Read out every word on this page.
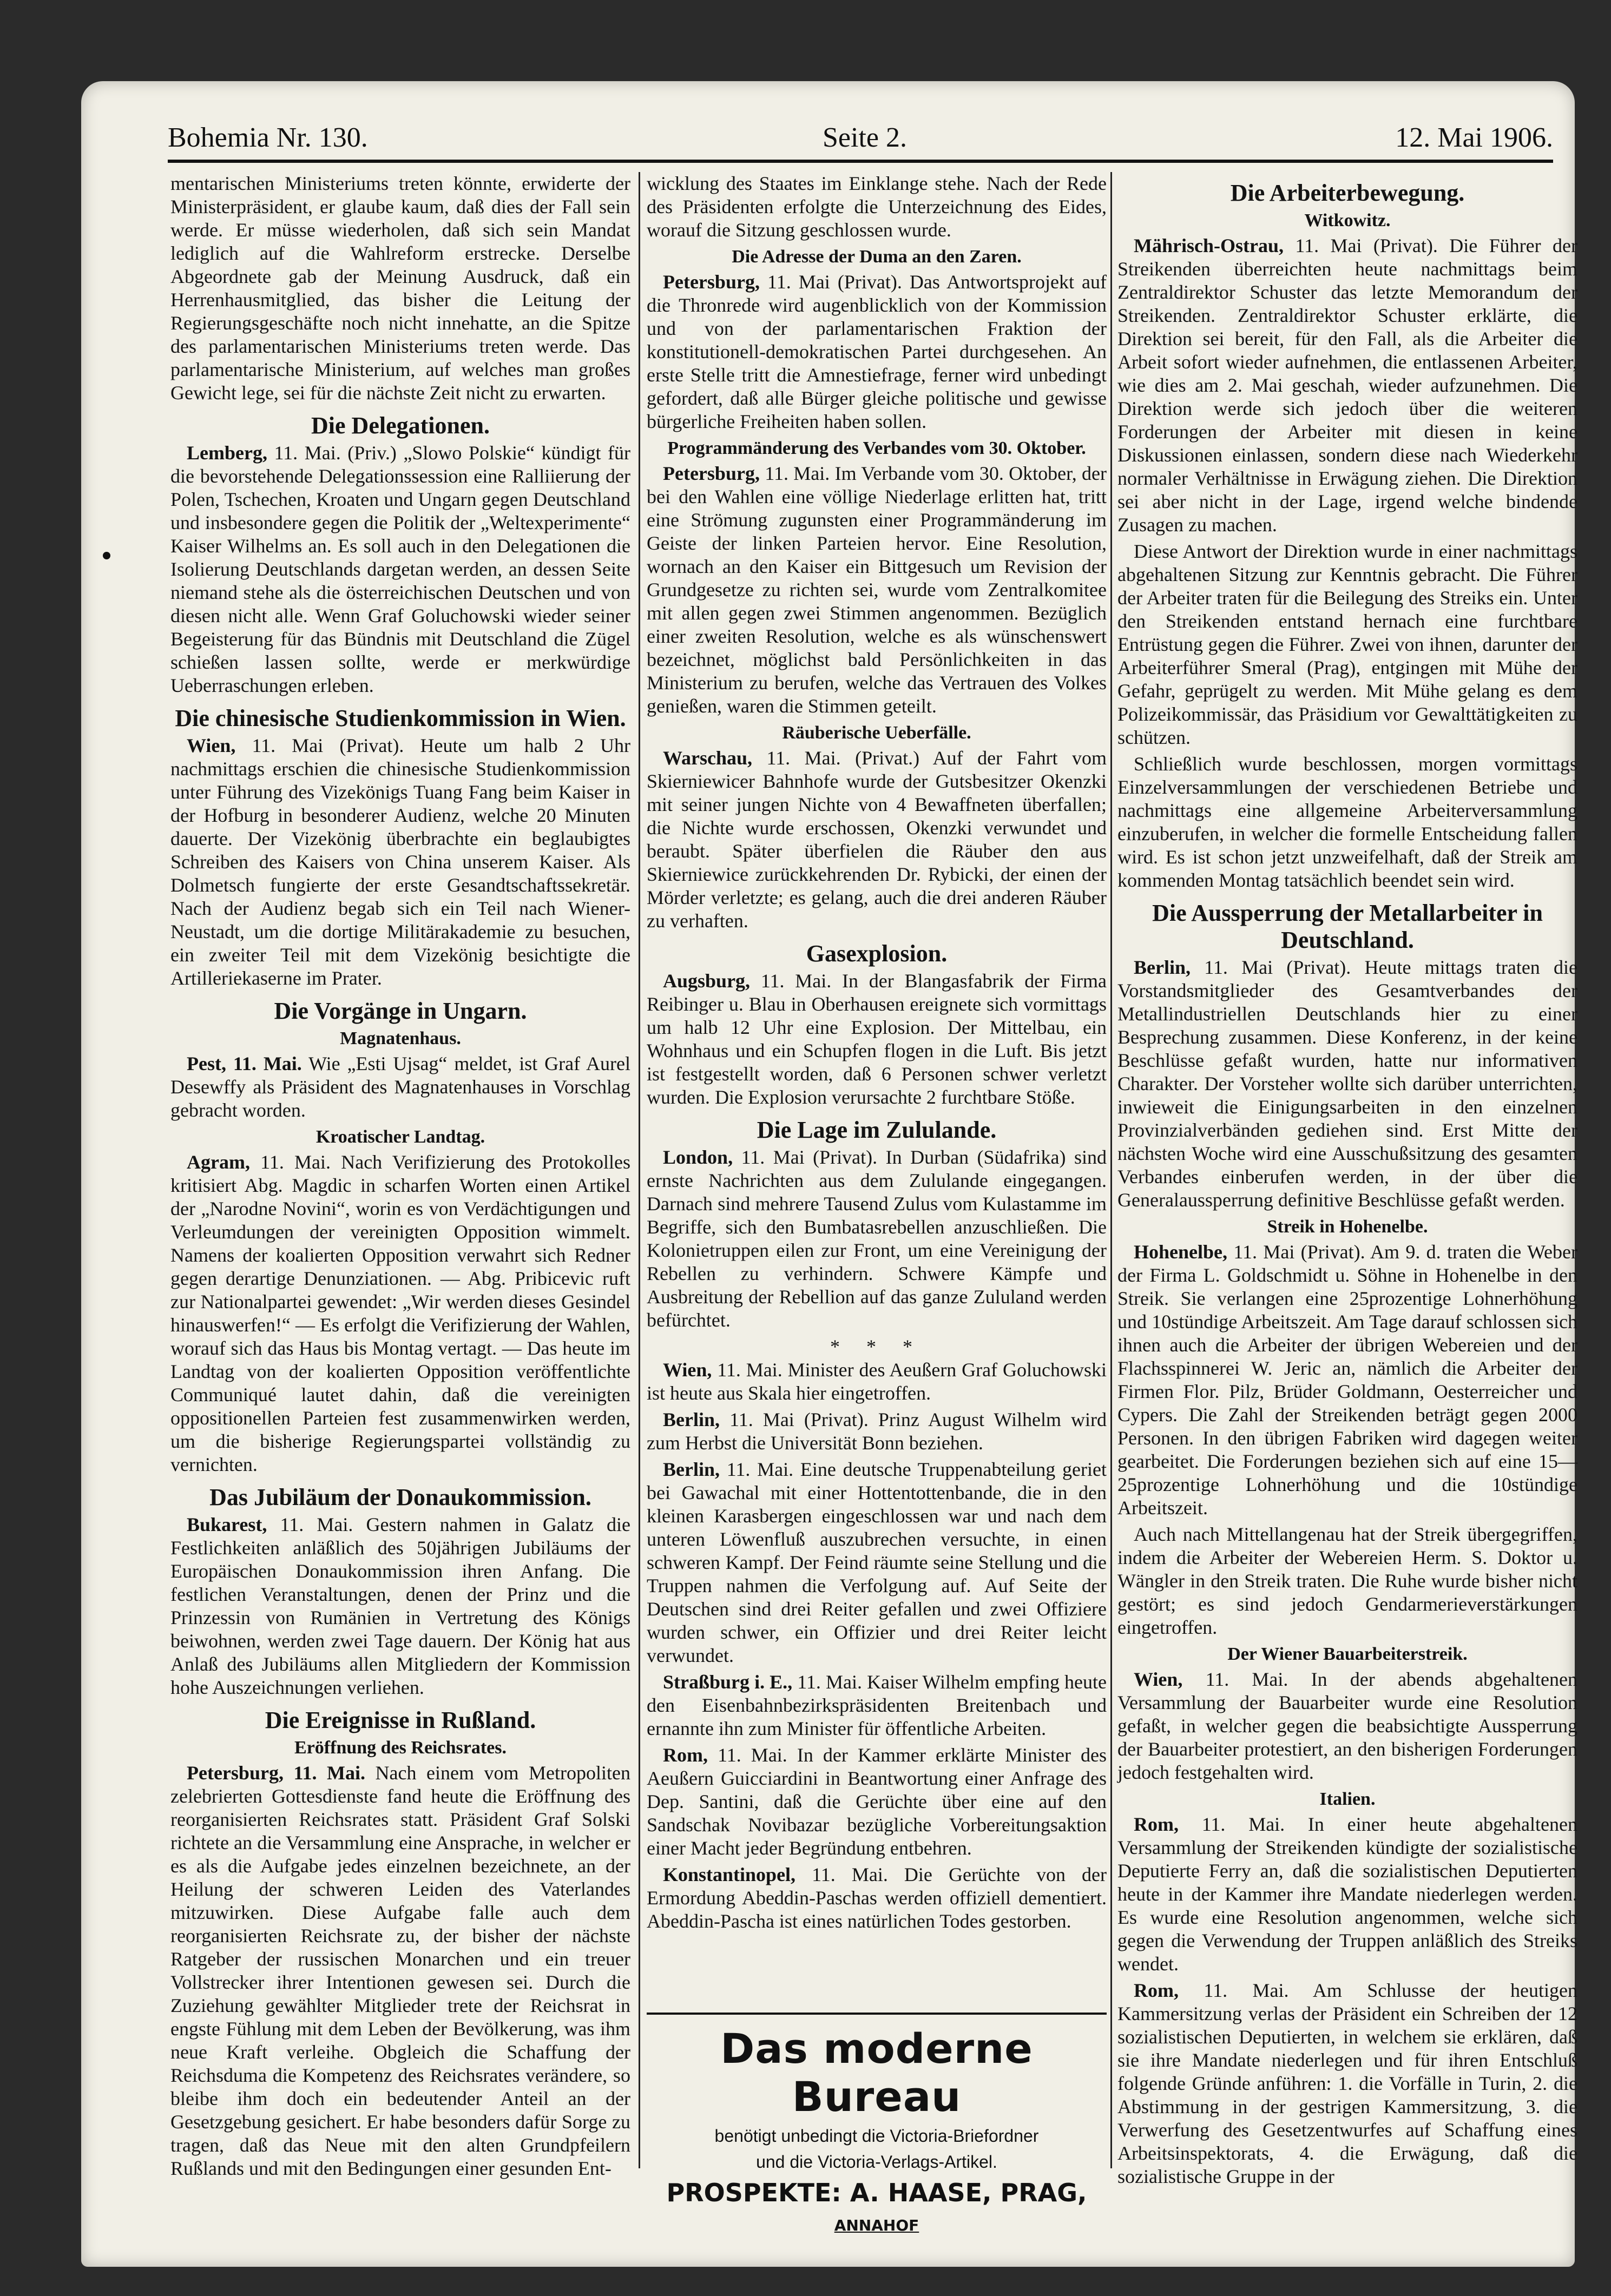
Bohemia Nr. 130.	Seite 2.	12. Mai 1906.

mentarischen Ministeriums treten könnte, erwiderte der Ministerpräsident, er glaube kaum, daß dies der Fall sein werde. Er müsse wiederholen, daß sich sein Mandat lediglich auf die Wahlreform erstrecke. Derselbe Abgeordnete gab der Meinung Ausdruck, daß ein Herrenhausmitglied, das bisher die Leitung der Regierungsgeschäfte noch nicht innehatte, an die Spitze des parlamentarischen Ministeriums treten werde. Das parlamentarische Ministerium, auf welches man großes Gewicht lege, sei für die nächste Zeit nicht zu erwarten.

Die Delegationen.

Lemberg, 11. Mai. (Priv.) „Slowo Polskie“ kündigt für die bevorstehende Delegationssession eine Ralliierung der Polen, Tschechen, Kroaten und Ungarn gegen Deutschland und insbesondere gegen die Politik der „Weltexperimente“ Kaiser Wilhelms an. Es soll auch in den Delegationen die Isolierung Deutschlands dargetan werden, an dessen Seite niemand stehe als die österreichischen Deutschen und von diesen nicht alle. Wenn Graf Goluchowski wieder seiner Begeisterung für das Bündnis mit Deutschland die Zügel schießen lassen sollte, werde er merkwürdige Ueberraschungen erleben.

Die chinesische Studienkommission in Wien.

Wien, 11. Mai (Privat). Heute um halb 2 Uhr nachmittags erschien die chinesische Studienkommission unter Führung des Vizekönigs Tuang Fang beim Kaiser in der Hofburg in besonderer Audienz, welche 20 Minuten dauerte. Der Vizekönig überbrachte ein beglaubigtes Schreiben des Kaisers von China unserem Kaiser. Als Dolmetsch fungierte der erste Gesandtschaftssekretär. Nach der Audienz begab sich ein Teil nach Wiener-Neustadt, um die dortige Militärakademie zu besuchen, ein zweiter Teil mit dem Vizekönig besichtigte die Artilleriekaserne im Prater.

Die Vorgänge in Ungarn.
Magnatenhaus.

Pest, 11. Mai. Wie „Esti Ujsag“ meldet, ist Graf Aurel Desewffy als Präsident des Magnatenhauses in Vorschlag gebracht worden.

Kroatischer Landtag.

Agram, 11. Mai. Nach Verifizierung des Protokolles kritisiert Abg. Magdic in scharfen Worten einen Artikel der „Narodne Novini“, worin es von Verdächtigungen und Verleumdungen der vereinigten Opposition wimmelt. Namens der koalierten Opposition verwahrt sich Redner gegen derartige Denunziationen. — Abg. Pribicevic ruft zur Nationalpartei gewendet: „Wir werden dieses Gesindel hinauswerfen!“ — Es erfolgt die Verifizierung der Wahlen, worauf sich das Haus bis Montag vertagt. — Das heute im Landtag von der koalierten Opposition veröffentlichte Communiqué lautet dahin, daß die vereinigten oppositionellen Parteien fest zusammenwirken werden, um die bisherige Regierungspartei vollständig zu vernichten.

Das Jubiläum der Donaukommission.

Bukarest, 11. Mai. Gestern nahmen in Galatz die Festlichkeiten anläßlich des 50jährigen Jubiläums der Europäischen Donaukommission ihren Anfang. Die festlichen Veranstaltungen, denen der Prinz und die Prinzessin von Rumänien in Vertretung des Königs beiwohnen, werden zwei Tage dauern. Der König hat aus Anlaß des Jubiläums allen Mitgliedern der Kommission hohe Auszeichnungen verliehen.

Die Ereignisse in Rußland.
Eröffnung des Reichsrates.

Petersburg, 11. Mai. Nach einem vom Metropoliten zelebrierten Gottesdienste fand heute die Eröffnung des reorganisierten Reichsrates statt. Präsident Graf Solski richtete an die Versammlung eine Ansprache, in welcher er es als die Aufgabe jedes einzelnen bezeichnete, an der Heilung der schweren Leiden des Vaterlandes mitzuwirken. Diese Aufgabe falle auch dem reorganisierten Reichsrate zu, der bisher der nächste Ratgeber der russischen Monarchen und ein treuer Vollstrecker ihrer Intentionen gewesen sei. Durch die Zuziehung gewählter Mitglieder trete der Reichsrat in engste Fühlung mit dem Leben der Bevölkerung, was ihm neue Kraft verleihe. Obgleich die Schaffung der Reichsduma die Kompetenz des Reichsrates verändere, so bleibe ihm doch ein bedeutender Anteil an der Gesetzgebung gesichert. Er habe besonders dafür Sorge zu tragen, daß das Neue mit den alten Grundpfeilern Rußlands und mit den Bedingungen einer gesunden Ent-

wicklung des Staates im Einklange stehe. Nach der Rede des Präsidenten erfolgte die Unterzeichnung des Eides, worauf die Sitzung geschlossen wurde.

Die Adresse der Duma an den Zaren.

Petersburg, 11. Mai (Privat). Das Antwortsprojekt auf die Thronrede wird augenblicklich von der Kommission und von der parlamentarischen Fraktion der konstitutionell-demokratischen Partei durchgesehen. An erste Stelle tritt die Amnestiefrage, ferner wird unbedingt gefordert, daß alle Bürger gleiche politische und gewisse bürgerliche Freiheiten haben sollen.

Programmänderung des Verbandes vom 30. Oktober.

Petersburg, 11. Mai. Im Verbande vom 30. Oktober, der bei den Wahlen eine völlige Niederlage erlitten hat, tritt eine Strömung zugunsten einer Programmänderung im Geiste der linken Parteien hervor. Eine Resolution, wornach an den Kaiser ein Bittgesuch um Revision der Grundgesetze zu richten sei, wurde vom Zentralkomitee mit allen gegen zwei Stimmen angenommen. Bezüglich einer zweiten Resolution, welche es als wünschenswert bezeichnet, möglichst bald Persönlichkeiten in das Ministerium zu berufen, welche das Vertrauen des Volkes genießen, waren die Stimmen geteilt.

Räuberische Ueberfälle.

Warschau, 11. Mai. (Privat.) Auf der Fahrt vom Skierniewicer Bahnhofe wurde der Gutsbesitzer Okenzki mit seiner jungen Nichte von 4 Bewaffneten überfallen; die Nichte wurde erschossen, Okenzki verwundet und beraubt. Später überfielen die Räuber den aus Skierniewice zurückkehrenden Dr. Rybicki, der einen der Mörder verletzte; es gelang, auch die drei anderen Räuber zu verhaften.

Gasexplosion.

Augsburg, 11. Mai. In der Blangasfabrik der Firma Reibinger u. Blau in Oberhausen ereignete sich vormittags um halb 12 Uhr eine Explosion. Der Mittelbau, ein Wohnhaus und ein Schupfen flogen in die Luft. Bis jetzt ist festgestellt worden, daß 6 Personen schwer verletzt wurden. Die Explosion verursachte 2 furchtbare Stöße.

Die Lage im Zululande.

London, 11. Mai (Privat). In Durban (Südafrika) sind ernste Nachrichten aus dem Zululande eingegangen. Darnach sind mehrere Tausend Zulus vom Kulastamme im Begriffe, sich den Bumbatasrebellen anzuschließen. Die Kolonietruppen eilen zur Front, um eine Vereinigung der Rebellen zu verhindern. Schwere Kämpfe und Ausbreitung der Rebellion auf das ganze Zululand werden befürchtet.

* * *

Wien, 11. Mai. Minister des Aeußern Graf Goluchowski ist heute aus Skala hier eingetroffen.

Berlin, 11. Mai (Privat). Prinz August Wilhelm wird zum Herbst die Universität Bonn beziehen.

Berlin, 11. Mai. Eine deutsche Truppenabteilung geriet bei Gawachal mit einer Hottentottenbande, die in den kleinen Karasbergen eingeschlossen war und nach dem unteren Löwenfluß auszubrechen versuchte, in einen schweren Kampf. Der Feind räumte seine Stellung und die Truppen nahmen die Verfolgung auf. Auf Seite der Deutschen sind drei Reiter gefallen und zwei Offiziere wurden schwer, ein Offizier und drei Reiter leicht verwundet.

Straßburg i. E., 11. Mai. Kaiser Wilhelm empfing heute den Eisenbahnbezirkspräsidenten Breitenbach und ernannte ihn zum Minister für öffentliche Arbeiten.

Rom, 11. Mai. In der Kammer erklärte Minister des Aeußern Guicciardini in Beantwortung einer Anfrage des Dep. Santini, daß die Gerüchte über eine auf den Sandschak Novibazar bezügliche Vorbereitungsaktion einer Macht jeder Begründung entbehren.

Konstantinopel, 11. Mai. Die Gerüchte von der Ermordung Abeddin-Paschas werden offiziell dementiert. Abeddin-Pascha ist eines natürlichen Todes gestorben.

Das moderne Bureau
benötigt unbedingt die Victoria-Briefordner
und die Victoria-Verlags-Artikel.
PROSPEKTE: A. HAASE, PRAG, ANNAHOF
Die Arbeiterbewegung.
Witkowitz.

Mährisch-Ostrau, 11. Mai (Privat). Die Führer der Streikenden überreichten heute nachmittags beim Zentraldirektor Schuster das letzte Memorandum der Streikenden. Zentraldirektor Schuster erklärte, die Direktion sei bereit, für den Fall, als die Arbeiter die Arbeit sofort wieder aufnehmen, die entlassenen Arbeiter, wie dies am 2. Mai geschah, wieder aufzunehmen. Die Direktion werde sich jedoch über die weiteren Forderungen der Arbeiter mit diesen in keine Diskussionen einlassen, sondern diese nach Wiederkehr normaler Verhältnisse in Erwägung ziehen. Die Direktion sei aber nicht in der Lage, irgend welche bindende Zusagen zu machen.

Diese Antwort der Direktion wurde in einer nachmittags abgehaltenen Sitzung zur Kenntnis gebracht. Die Führer der Arbeiter traten für die Beilegung des Streiks ein. Unter den Streikenden entstand hernach eine furchtbare Entrüstung gegen die Führer. Zwei von ihnen, darunter der Arbeiterführer Smeral (Prag), entgingen mit Mühe der Gefahr, geprügelt zu werden. Mit Mühe gelang es dem Polizeikommissär, das Präsidium vor Gewalttätigkeiten zu schützen.

Schließlich wurde beschlossen, morgen vormittags Einzelversammlungen der verschiedenen Betriebe und nachmittags eine allgemeine Arbeiterversammlung einzuberufen, in welcher die formelle Entscheidung fallen wird. Es ist schon jetzt unzweifelhaft, daß der Streik am kommenden Montag tatsächlich beendet sein wird.

Die Aussperrung der Metallarbeiter in Deutschland.

Berlin, 11. Mai (Privat). Heute mittags traten die Vorstandsmitglieder des Gesamtverbandes der Metallindustriellen Deutschlands hier zu einer Besprechung zusammen. Diese Konferenz, in der keine Beschlüsse gefaßt wurden, hatte nur informativen Charakter. Der Vorsteher wollte sich darüber unterrichten, inwieweit die Einigungsarbeiten in den einzelnen Provinzialverbänden gediehen sind. Erst Mitte der nächsten Woche wird eine Ausschußsitzung des gesamten Verbandes einberufen werden, in der über die Generalaussperrung definitive Beschlüsse gefaßt werden.

Streik in Hohenelbe.

Hohenelbe, 11. Mai (Privat). Am 9. d. traten die Weber der Firma L. Goldschmidt u. Söhne in Hohenelbe in den Streik. Sie verlangen eine 25prozentige Lohnerhöhung und 10stündige Arbeitszeit. Am Tage darauf schlossen sich ihnen auch die Arbeiter der übrigen Webereien und der Flachsspinnerei W. Jeric an, nämlich die Arbeiter der Firmen Flor. Pilz, Brüder Goldmann, Oesterreicher und Cypers. Die Zahl der Streikenden beträgt gegen 2000 Personen. In den übrigen Fabriken wird dagegen weiter gearbeitet. Die Forderungen beziehen sich auf eine 15—25prozentige Lohnerhöhung und die 10stündige Arbeitszeit.

Auch nach Mittellangenau hat der Streik übergegriffen, indem die Arbeiter der Webereien Herm. S. Doktor u. Wängler in den Streik traten. Die Ruhe wurde bisher nicht gestört; es sind jedoch Gendarmerieverstärkungen eingetroffen.

Der Wiener Bauarbeiterstreik.

Wien, 11. Mai. In der abends abgehaltenen Versammlung der Bauarbeiter wurde eine Resolution gefaßt, in welcher gegen die beabsichtigte Aussperrung der Bauarbeiter protestiert, an den bisherigen Forderungen jedoch festgehalten wird.

Italien.

Rom, 11. Mai. In einer heute abgehaltenen Versammlung der Streikenden kündigte der sozialistische Deputierte Ferry an, daß die sozialistischen Deputierten heute in der Kammer ihre Mandate niederlegen werden. Es wurde eine Resolution angenommen, welche sich gegen die Verwendung der Truppen anläßlich des Streiks wendet.

Rom, 11. Mai. Am Schlusse der heutigen Kammersitzung verlas der Präsident ein Schreiben der 12 sozialistischen Deputierten, in welchem sie erklären, daß sie ihre Mandate niederlegen und für ihren Entschluß folgende Gründe anführen: 1. die Vorfälle in Turin, 2. die Abstimmung in der gestrigen Kammersitzung, 3. die Verwerfung des Gesetzentwurfes auf Schaffung eines Arbeitsinspektorats, 4. die Erwägung, daß die sozialistische Gruppe in der
